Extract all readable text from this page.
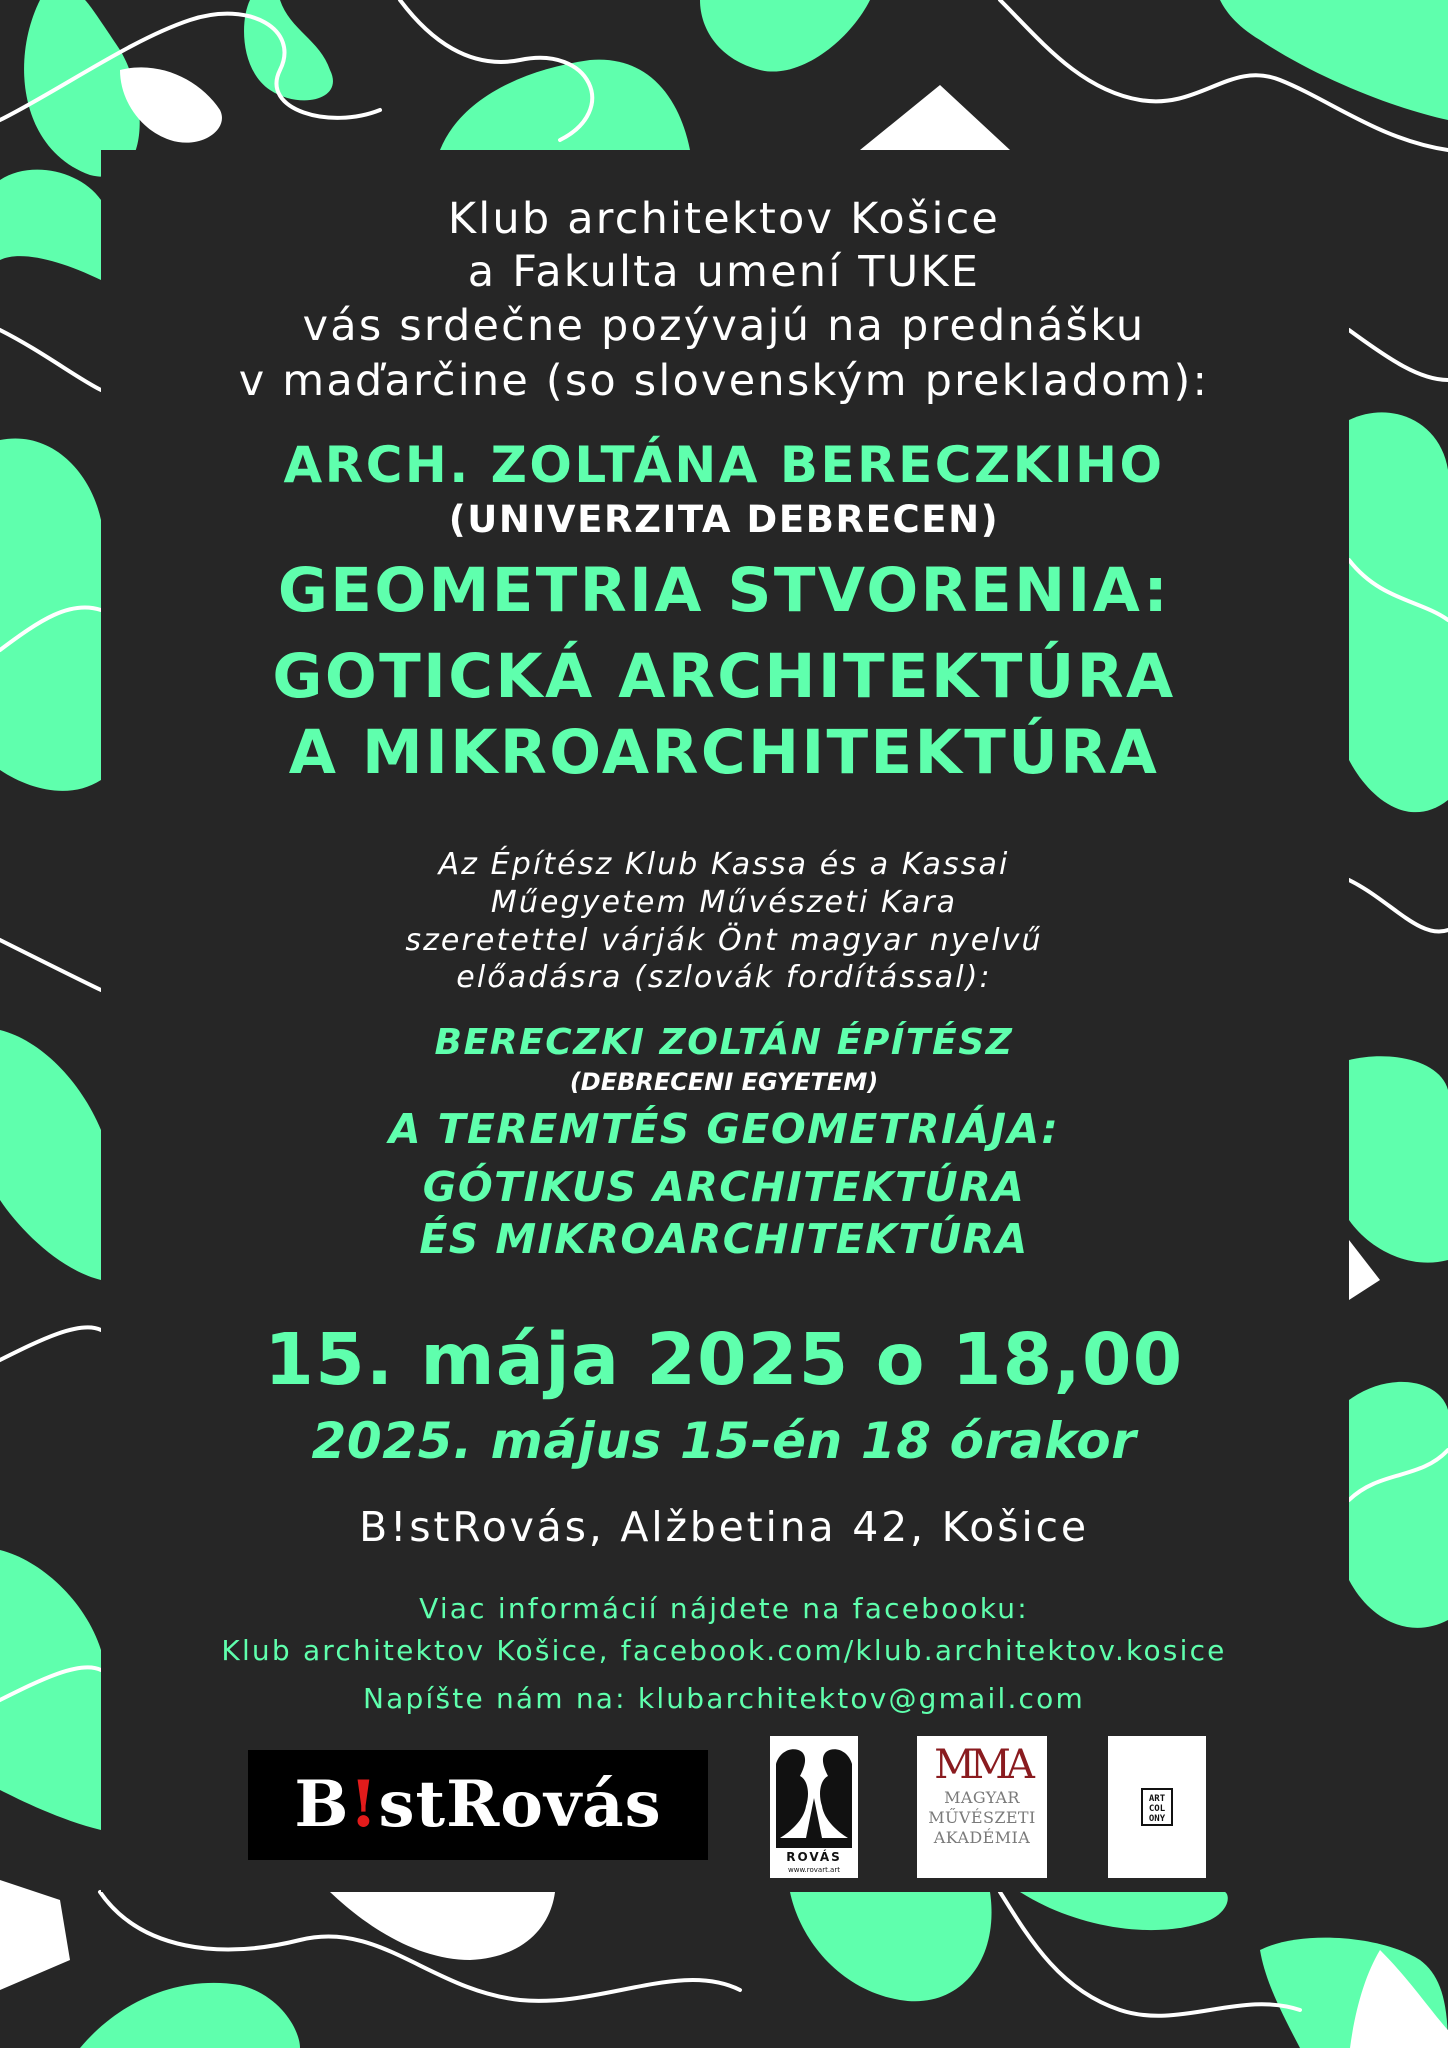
Klub architektov Košice

a Fakulta umení TUKE

vás srdečne pozývajú na prednášku

v maďarčine (so slovenským prekladom):

ARCH. ZOLTÁNA BERECZKIHO

(UNIVERZITA DEBRECEN)

GEOMETRIA STVORENIA:

GOTICKÁ ARCHITEKTÚRA

A MIKROARCHITEKTÚRA

Az Építész Klub Kassa és a Kassai

Műegyetem Művészeti Kara

szeretettel várják Önt magyar nyelvű

előadásra (szlovák fordítással):

BERECZKI ZOLTÁN ÉPÍTÉSZ

(DEBRECENI EGYETEM)

A TEREMTÉS GEOMETRIÁJA:

GÓTIKUS ARCHITEKTÚRA

ÉS MIKROARCHITEKTÚRA

15. mája 2025 o 18,00

2025. május 15-én 18 órakor

B!stRovás, Alžbetina 42, Košice

Viac informácií nájdete na facebooku:

Klub architektov Košice, facebook.com/klub.architektov.kosice

Napíšte nám na: klubarchitektov@gmail.com

B!stRovás
ROVÁS
www.rovart.art
MMA
MAGYAR
MŰVÉSZETI
AKADÉMIA
ART
COL
ONY
